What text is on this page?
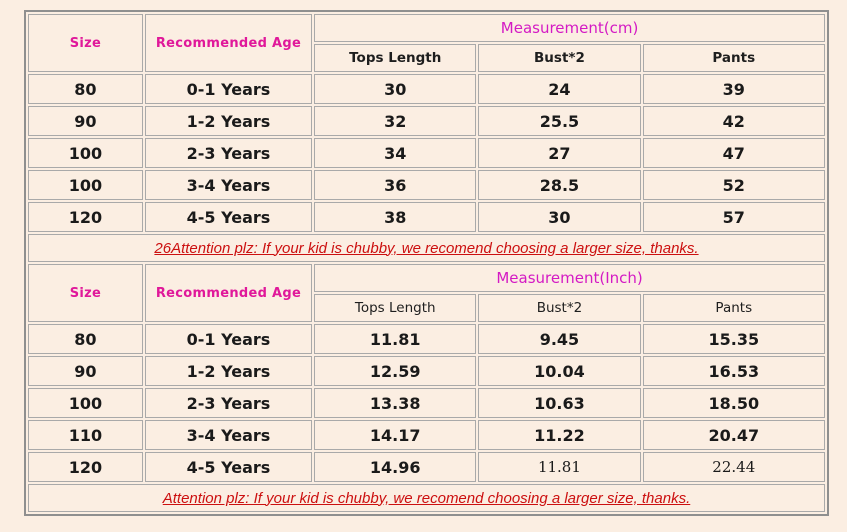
Size	Recommended Age	Measurement(cm)		
		Tops Length	Bust*2	Pants
80	0-1 Years	30	24	39
90	1-2 Years	32	25.5	42
100	2-3 Years	34	27	47
100	3-4 Years	36	28.5	52
120	4-5 Years	38	30	57
26Attention plz: If your kid is chubby, we recomend choosing a larger size, thanks.				
Size	Recommended Age	Measurement(Inch)		
		Tops Length	Bust*2	Pants
80	0-1 Years	11.81	9.45	15.35
90	1-2 Years	12.59	10.04	16.53
100	2-3 Years	13.38	10.63	18.50
110	3-4 Years	14.17	11.22	20.47
120	4-5 Years	14.96	11.81	22.44
Attention plz: If your kid is chubby, we recomend choosing a larger size, thanks.				
